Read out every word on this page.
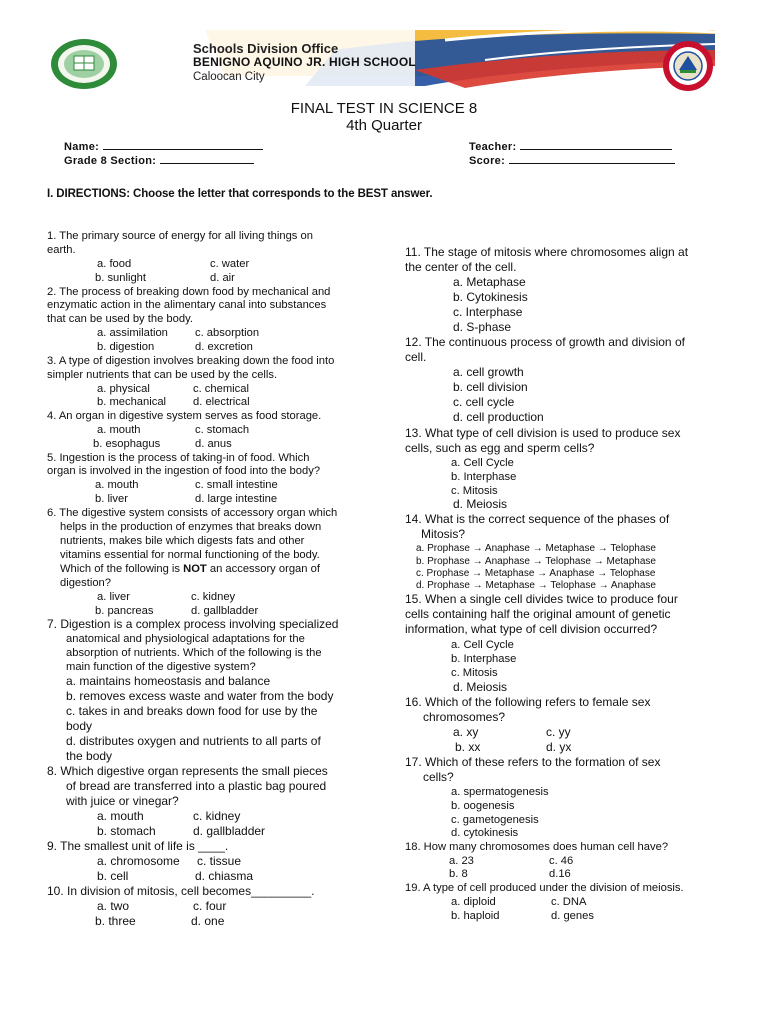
Schools Division Office
BENIGNO AQUINO JR. HIGH SCHOOL
Caloocan City
FINAL TEST IN SCIENCE 8
4th Quarter
Name:
Grade 8 Section:
Teacher:
Score:
I. DIRECTIONS: Choose the letter that corresponds to the BEST answer.
1. The primary source of energy for all living things on
earth.
a. food	c. water
b. sunlight	d. air
2. The process of breaking down food by mechanical and
enzymatic action in the alimentary canal into substances
that can be used by the body.
a. assimilation c. absorption
b. digestion	d. excretion
3. A type of digestion involves breaking down the food into
simpler nutrients that can be used by the cells.
a. physical	c. chemical
b. mechanical d. electrical
4. An organ in digestive system serves as food storage.
a. mouth	c. stomach
b. esophagus	d. anus
5. Ingestion is the process of taking-in of food. Which
organ is involved in the ingestion of food into the body?
a. mouth	c. small intestine
b. liver	d. large intestine
6. The digestive system consists of accessory organ which
helps in the production of enzymes that breaks down
nutrients, makes bile which digests fats and other
vitamins essential for normal functioning of the body.
Which of the following is NOT an accessory organ of
digestion?
a. liver	c. kidney
b. pancreas	d. gallbladder
7. Digestion is a complex process involving specialized
anatomical and physiological adaptations for the
absorption of nutrients. Which of the following is the
main function of the digestive system?
a. maintains homeostasis and balance
b. removes excess waste and water from the body
c. takes in and breaks down food for use by the
body
d. distributes oxygen and nutrients to all parts of
the body
8. Which digestive organ represents the small pieces
of bread are transferred into a plastic bag poured
with juice or vinegar?
a. mouth	c. kidney
b. stomach	d. gallbladder
9. The smallest unit of life is ____.
a. chromosome c. tissue
b. cell	d. chiasma
10. In division of mitosis, cell becomes_________.
a. two	c. four
b. three	d. one
11. The stage of mitosis where chromosomes align at
the center of the cell.
a. Metaphase
b. Cytokinesis
c. Interphase
d. S-phase
12. The continuous process of growth and division of
cell.
a. cell growth
b. cell division
c. cell cycle
d. cell production
13. What type of cell division is used to produce sex
cells, such as egg and sperm cells?
a. Cell Cycle
b. Interphase
c. Mitosis
d. Meiosis
14. What is the correct sequence of the phases of
Mitosis?
a. Prophase → Anaphase → Metaphase → Telophase
b. Prophase → Anaphase → Telophase → Metaphase
c. Prophase → Metaphase → Anaphase → Telophase
d. Prophase → Metaphase → Telophase → Anaphase
15. When a single cell divides twice to produce four
cells containing half the original amount of genetic
information, what type of cell division occurred?
a. Cell Cycle
b. Interphase
c. Mitosis
d. Meiosis
16. Which of the following refers to female sex
chromosomes?
a. xy	c. yy
b. xx	d. yx
17. Which of these refers to the formation of sex
cells?
a. spermatogenesis
b. oogenesis
c. gametogenesis
d. cytokinesis
18. How many chromosomes does human cell have?
a. 23	c. 46
b. 8	d.16
19. A type of cell produced under the division of meiosis.
a. diploid	c. DNA
b. haploid	d. genes
